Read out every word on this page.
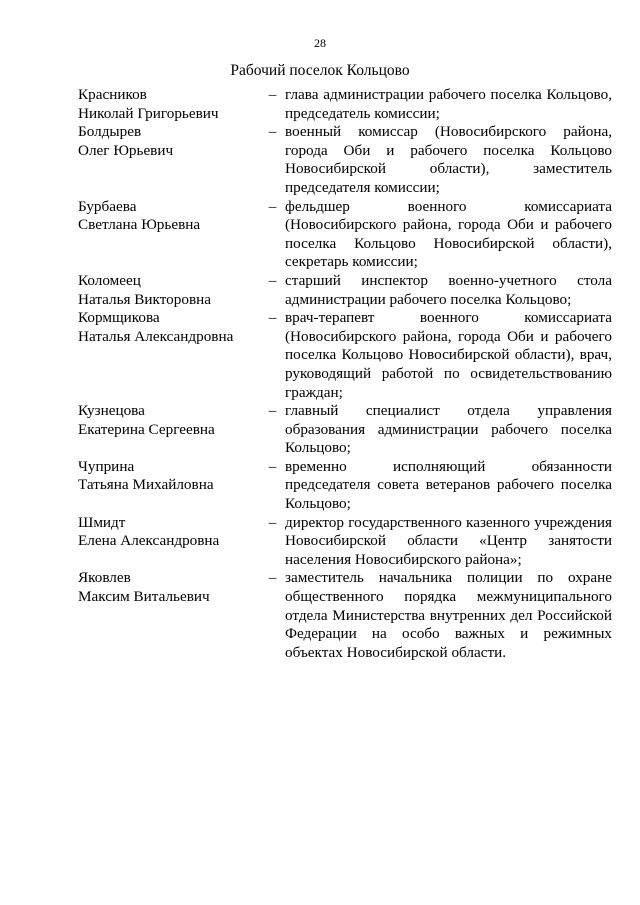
28
Рабочий поселок Кольцово
Красников
Николай Григорьевич
– глава администрации рабочего поселка Кольцово, председатель комиссии;
Болдырев
Олег Юрьевич
– военный комиссар (Новосибирского района, города Оби и рабочего поселка Кольцово Новосибирской области), заместитель председателя комиссии;
Бурбаева
Светлана Юрьевна
– фельдшер военного комиссариата (Новосибирского района, города Оби и рабочего поселка Кольцово Новосибирской области), секретарь комиссии;
Коломеец
Наталья Викторовна
– старший инспектор военно-учетного стола администрации рабочего поселка Кольцово;
Кормщикова
Наталья Александровна
– врач-терапевт военного комиссариата (Новосибирского района, города Оби и рабочего поселка Кольцово Новосибирской области), врач, руководящий работой по освидетельствованию граждан;
Кузнецова
Екатерина Сергеевна
– главный специалист отдела управления образования администрации рабочего поселка Кольцово;
Чуприна
Татьяна Михайловна
– временно исполняющий обязанности председателя совета ветеранов рабочего поселка Кольцово;
Шмидт
Елена Александровна
– директор государственного казенного учреждения Новосибирской области «Центр занятости населения Новосибирского района»;
Яковлев
Максим Витальевич
– заместитель начальника полиции по охране общественного порядка межмуниципального отдела Министерства внутренних дел Российской Федерации на особо важных и режимных объектах Новосибирской области.
